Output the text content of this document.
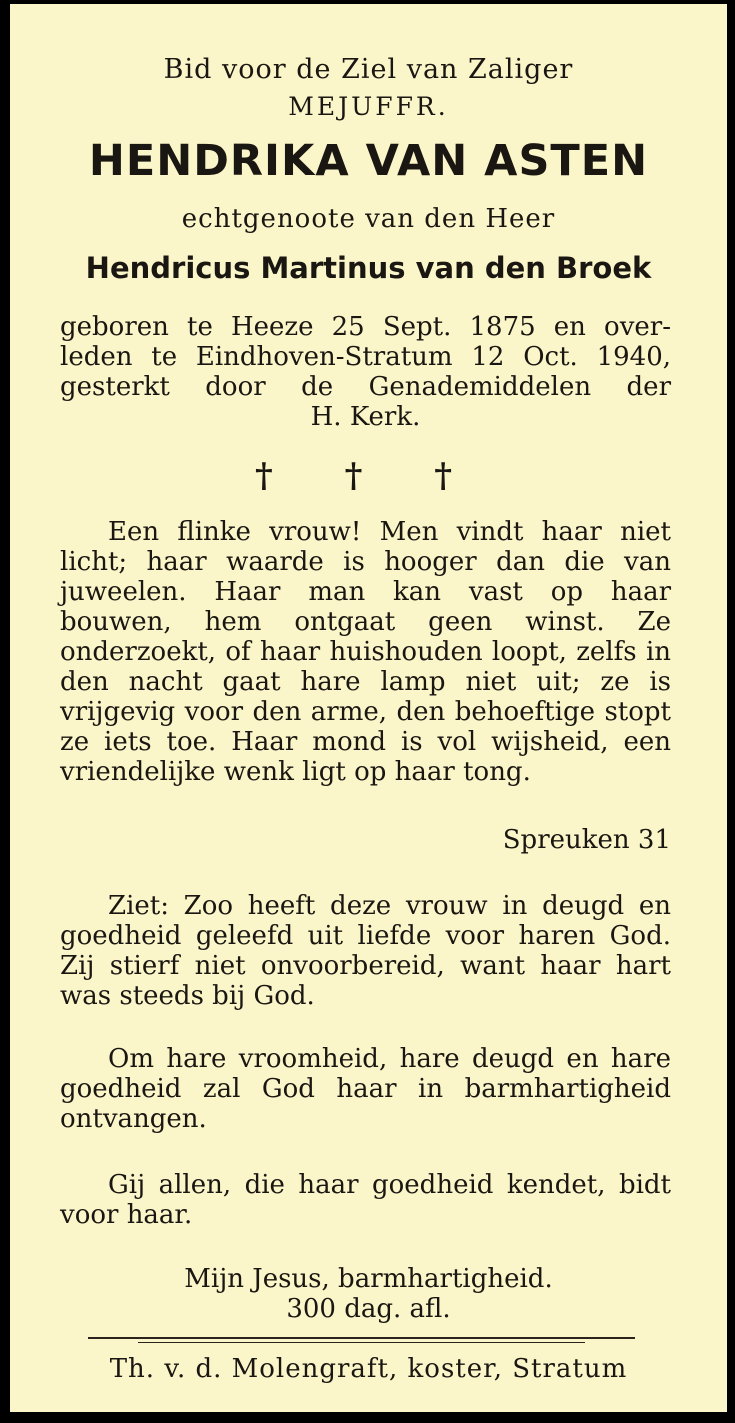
Bid voor de Ziel van Zaliger
MEJUFFR.
HENDRIKA VAN ASTEN
echtgenoote van den Heer
Hendricus Martinus van den Broek
geboren te Heeze 25 Sept. 1875 en over-
leden te Eindhoven-Stratum 12 Oct. 1940,
gesterkt door de Genademiddelen der
H. Kerk.
† † †
Een flinke vrouw! Men vindt haar niet licht; haar waarde is hooger dan die van juweelen. Haar man kan vast op haar bouwen, hem ontgaat geen winst. Ze onderzoekt, of haar huishouden loopt, zelfs in den nacht gaat hare lamp niet uit; ze is vrijgevig voor den arme, den behoeftige stopt ze iets toe. Haar mond is vol wijsheid, een vriendelijke wenk ligt op haar tong.
Spreuken 31
Ziet: Zoo heeft deze vrouw in deugd en goedheid geleefd uit liefde voor haren God. Zij stierf niet onvoorbereid, want haar hart was steeds bij God.
Om hare vroomheid, hare deugd en hare goedheid zal God haar in barmhartigheid ontvangen.
Gij allen, die haar goedheid kendet, bidt voor haar.
Mijn Jesus, barmhartigheid.
300 dag. afl.
Th. v. d. Molengraft, koster, Stratum
